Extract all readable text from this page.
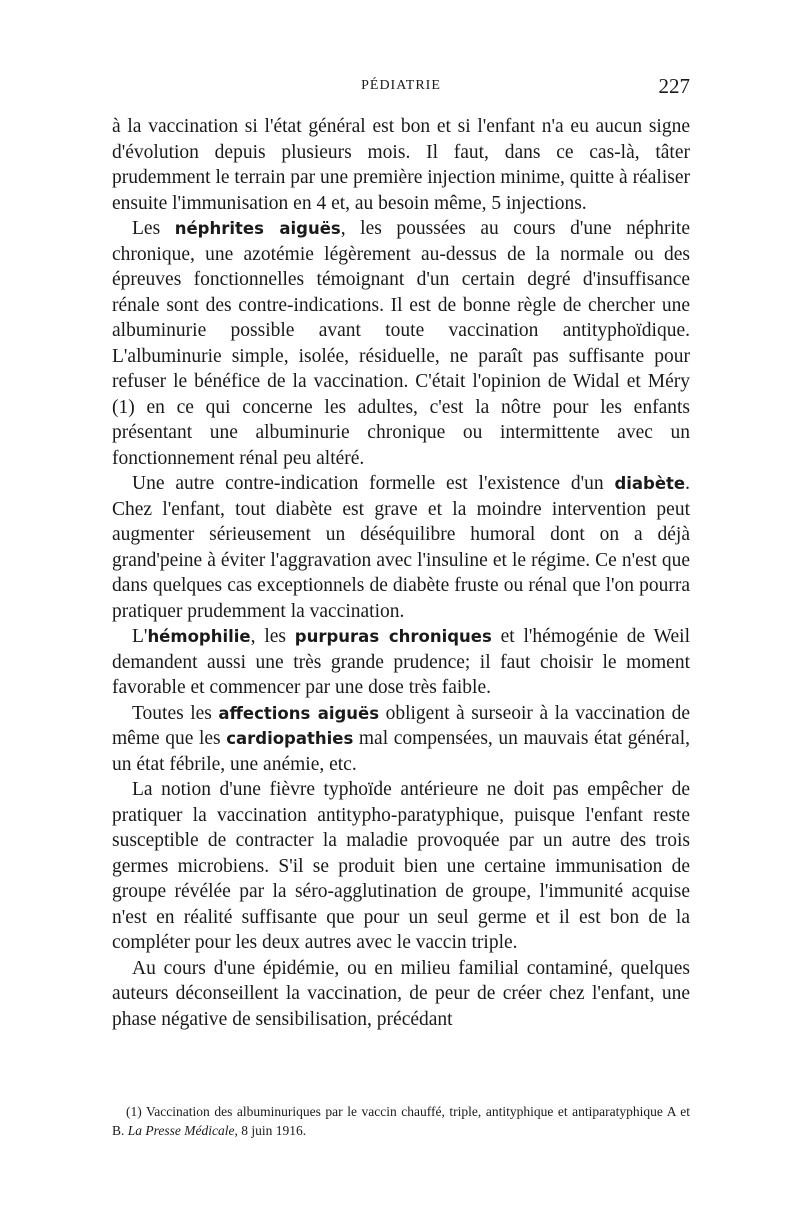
PÉDIATRIE	227

à la vaccination si l'état général est bon et si l'enfant n'a eu aucun signe d'évolution depuis plusieurs mois. Il faut, dans ce cas-là, tâter prudemment le terrain par une première injection minime, quitte à réaliser ensuite l'immunisation en 4 et, au besoin même, 5 injections.

Les néphrites aiguës, les poussées au cours d'une néphrite chronique, une azotémie légèrement au-dessus de la normale ou des épreuves fonctionnelles témoignant d'un certain degré d'insuffisance rénale sont des contre-indications. Il est de bonne règle de chercher une albuminurie possible avant toute vaccination antityphoïdique. L'albuminurie simple, isolée, résiduelle, ne paraît pas suffisante pour refuser le bénéfice de la vaccination. C'était l'opinion de Widal et Méry (1) en ce qui concerne les adultes, c'est la nôtre pour les enfants présentant une albuminurie chronique ou intermittente avec un fonctionnement rénal peu altéré.

Une autre contre-indication formelle est l'existence d'un diabète. Chez l'enfant, tout diabète est grave et la moindre intervention peut augmenter sérieusement un déséquilibre humoral dont on a déjà grand'peine à éviter l'aggravation avec l'insuline et le régime. Ce n'est que dans quelques cas exceptionnels de diabète fruste ou rénal que l'on pourra pratiquer prudemment la vaccination.

L'hémophilie, les purpuras chroniques et l'hémogénie de Weil demandent aussi une très grande prudence; il faut choisir le moment favorable et commencer par une dose très faible.

Toutes les affections aiguës obligent à surseoir à la vaccination de même que les cardiopathies mal compensées, un mauvais état général, un état fébrile, une anémie, etc.

La notion d'une fièvre typhoïde antérieure ne doit pas empêcher de pratiquer la vaccination antitypho-paratyphique, puisque l'enfant reste susceptible de contracter la maladie provoquée par un autre des trois germes microbiens. S'il se produit bien une certaine immunisation de groupe révélée par la séro-agglutination de groupe, l'immunité acquise n'est en réalité suffisante que pour un seul germe et il est bon de la compléter pour les deux autres avec le vaccin triple.

Au cours d'une épidémie, ou en milieu familial contaminé, quelques auteurs déconseillent la vaccination, de peur de créer chez l'enfant, une phase négative de sensibilisation, précédant

(1) Vaccination des albuminuriques par le vaccin chauffé, triple, antityphique et antiparatyphique A et B. La Presse Médicale, 8 juin 1916.
